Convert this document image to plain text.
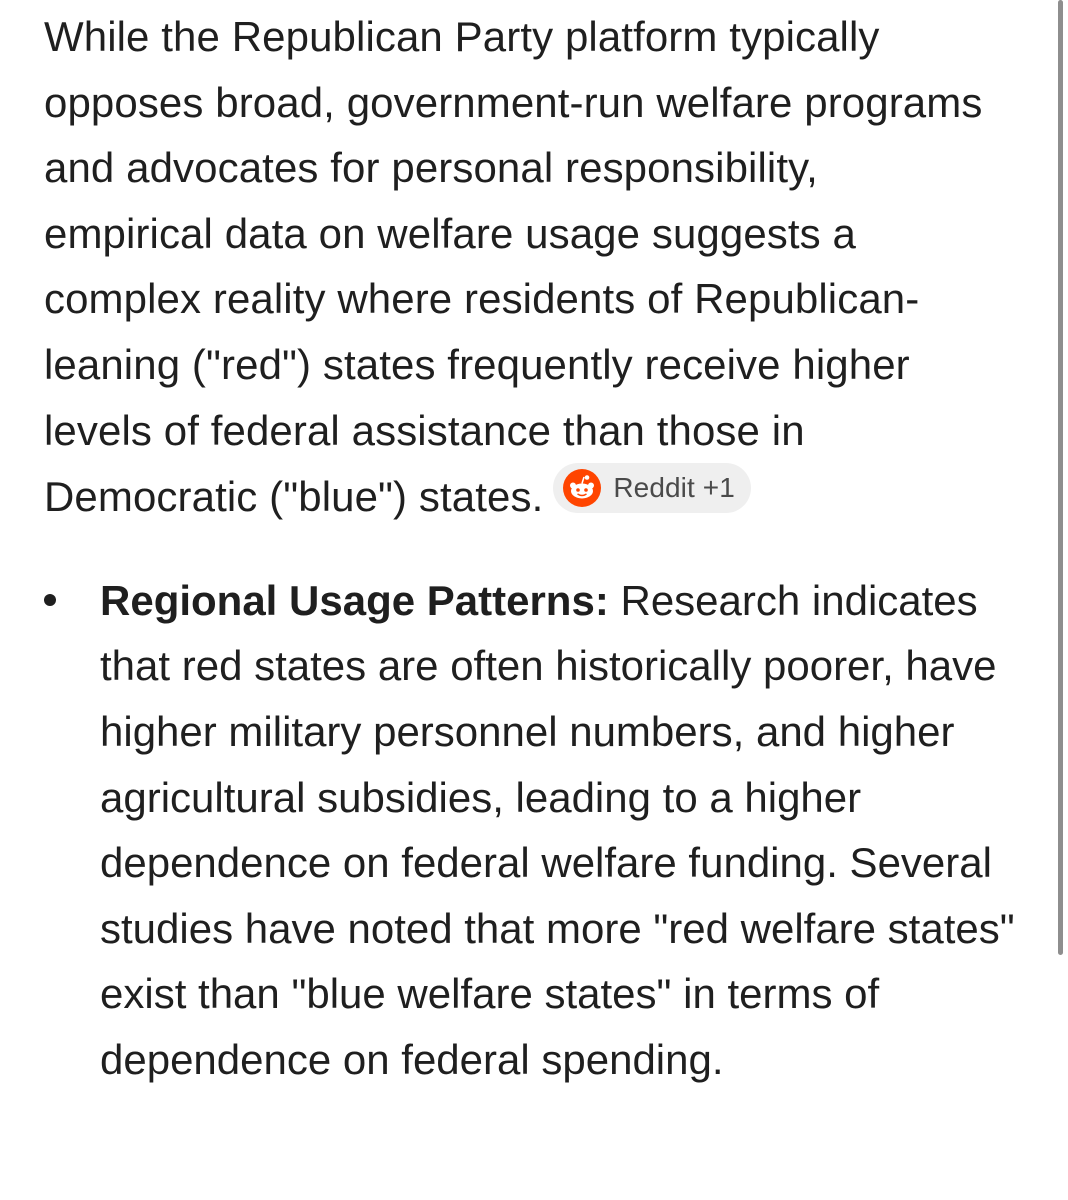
While the Republican Party platform typically opposes broad, government-run welfare programs and advocates for personal responsibility, empirical data on welfare usage suggests a complex reality where residents of Republican-leaning ("red") states frequently receive higher levels of federal assistance than those in Democratic ("blue") states.	Reddit +1

Regional Usage Patterns: Research indicates that red states are often historically poorer, have higher military personnel numbers, and higher agricultural subsidies, leading to a higher dependence on federal welfare funding. Several studies have noted that more "red welfare states" exist than "blue welfare states" in terms of dependence on federal spending.
